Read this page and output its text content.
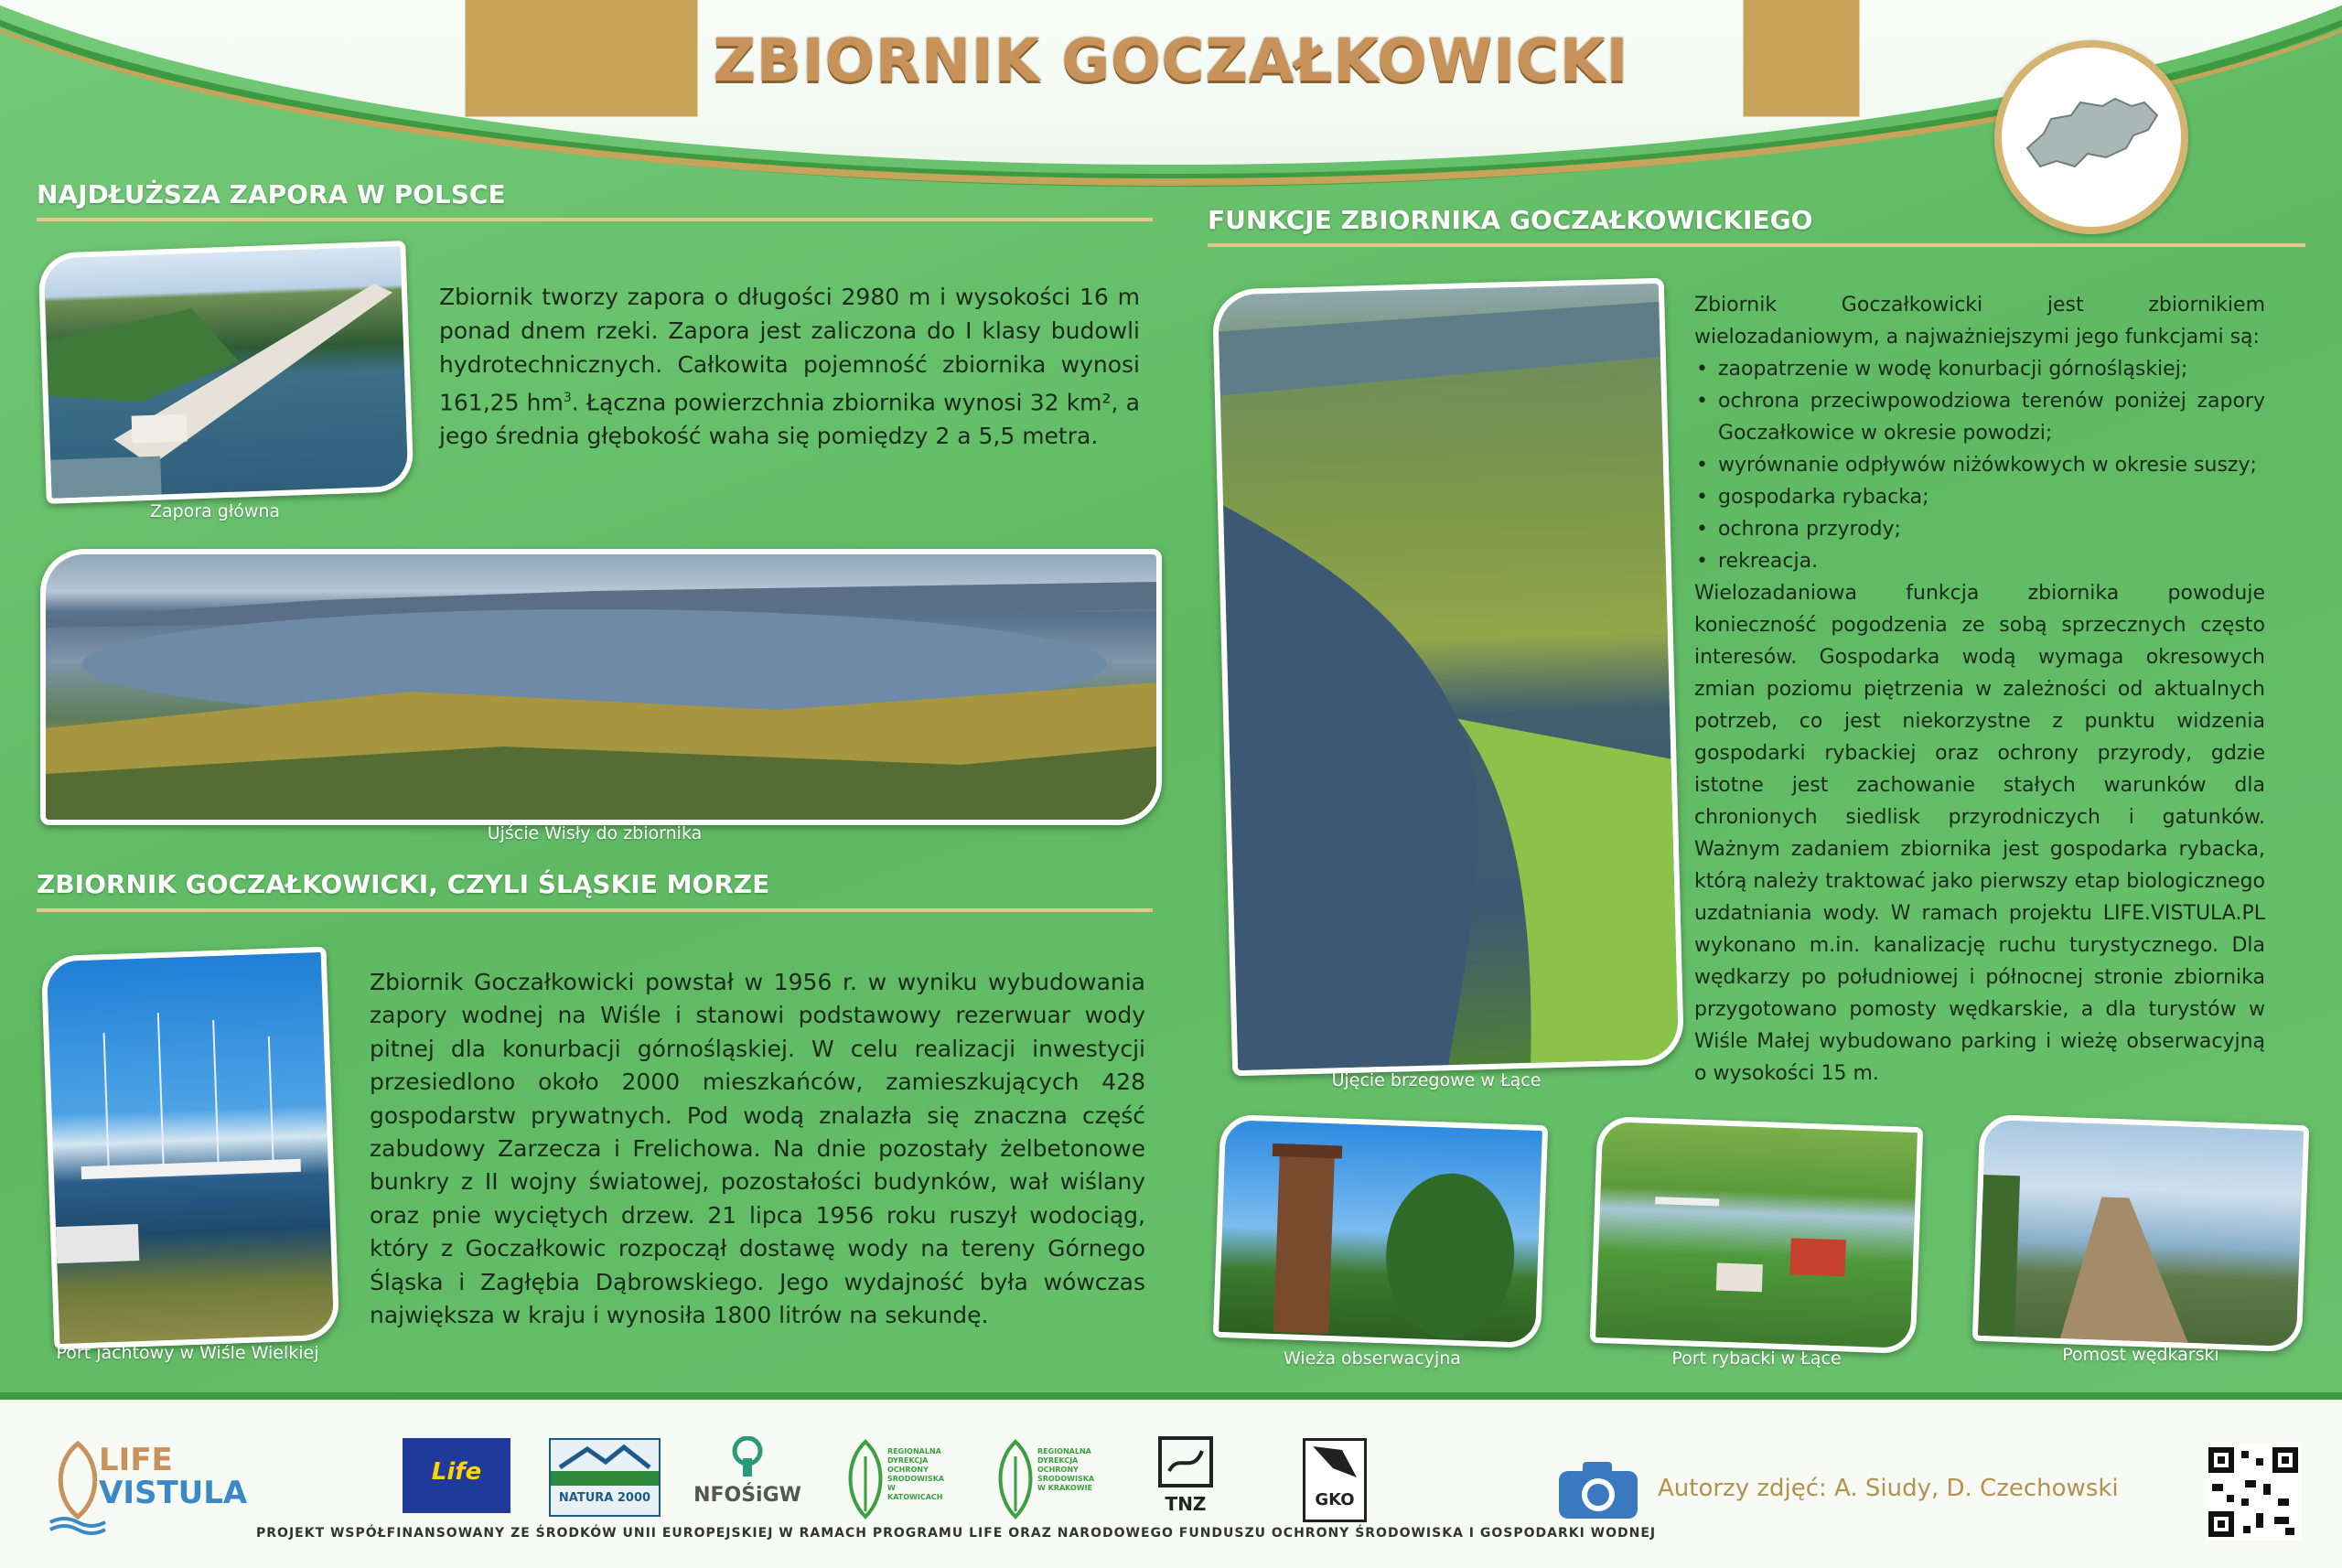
ZBIORNIK GOCZAŁKOWICKI
NAJDŁUŻSZA ZAPORA W POLSCE
Zapora główna
Zbiornik tworzy zapora o długości 2980 m i wysokości 16 m ponad dnem rzeki. Zapora jest zaliczona do I klasy budowli hydrotechnicznych. Całkowita pojemność zbiornika wynosi 161,25 $hm^3$. Łączna powierzchnia zbiornika wynosi 32 km², a jego średnia głębokość waha się pomiędzy 2 a 5,5 metra.
Ujście Wisły do zbiornika
ZBIORNIK GOCZAŁKOWICKI, CZYLI ŚLĄSKIE MORZE
Port jachtowy w Wiśle Wielkiej
Zbiornik Goczałkowicki powstał w 1956 r. w wyniku wybudowania zapory wodnej na Wiśle i stanowi podstawowy rezerwuar wody pitnej dla konurbacji górnośląskiej. W celu realizacji inwestycji przesiedlono około 2000 mieszkańców, zamieszkujących 428 gospodarstw prywatnych. Pod wodą znalazła się znaczna część zabudowy Zarzecza i Frelichowa. Na dnie pozostały żelbetonowe bunkry z II wojny światowej, pozostałości budynków, wał wiślany oraz pnie wyciętych drzew. 21 lipca 1956 roku ruszył wodociąg, który z Goczałkowic rozpoczął dostawę wody na tereny Górnego Śląska i Zagłębia Dąbrowskiego. Jego wydajność była wówczas największa w kraju i wynosiła 1800 litrów na sekundę.
FUNKCJE ZBIORNIKA GOCZAŁKOWICKIEGO
Ujęcie brzegowe w Łące

Zbiornik Goczałkowicki jest zbiornikiem wielozadaniowym, a najważniejszymi jego funkcjami są:

• zaopatrzenie w wodę konurbacji górnośląskiej;
• ochrona przeciwpowodziowa terenów poniżej zapory Goczałkowice w okresie powodzi;
• wyrównanie odpływów niżówkowych w okresie suszy;
• gospodarka rybacka;
• ochrona przyrody;
• rekreacja.

Wielozadaniowa funkcja zbiornika powoduje konieczność pogodzenia ze sobą sprzecznych często interesów. Gospodarka wodą wymaga okresowych zmian poziomu piętrzenia w zależności od aktualnych potrzeb, co jest niekorzystne z punktu widzenia gospodarki rybackiej oraz ochrony przyrody, gdzie istotne jest zachowanie stałych warunków dla chronionych siedlisk przyrodniczych i gatunków. Ważnym zadaniem zbiornika jest gospodarka rybacka, którą należy traktować jako pierwszy etap biologicznego uzdatniania wody. W ramach projektu LIFE.VISTULA.PL wykonano m.in. kanalizację ruchu turystycznego. Dla wędkarzy po południowej i północnej stronie zbiornika przygotowano pomosty wędkarskie, a dla turystów w Wiśle Małej wybudowano parking i wieżę obserwacyjną o wysokości 15 m.

Wieża obserwacyjna	Port rybacki w Łące	Pomost wędkarski
LIFE
VISTULA
Life
NATURA 2000	NFOŚiGW
REGIONALNA
DYREKCJA
OCHRONY
ŚRODOWISKA
W KATOWICACH
REGIONALNA
DYREKCJA
OCHRONY
ŚRODOWISKA
W KRAKOWIE
TNZ	GKO
PROJEKT WSPÓŁFINANSOWANY ZE ŚRODKÓW UNII EUROPEJSKIEJ W RAMACH PROGRAMU LIFE ORAZ NARODOWEGO FUNDUSZU OCHRONY ŚRODOWISKA I GOSPODARKI WODNEJ
Autorzy zdjęć: A. Siudy, D. Czechowski
